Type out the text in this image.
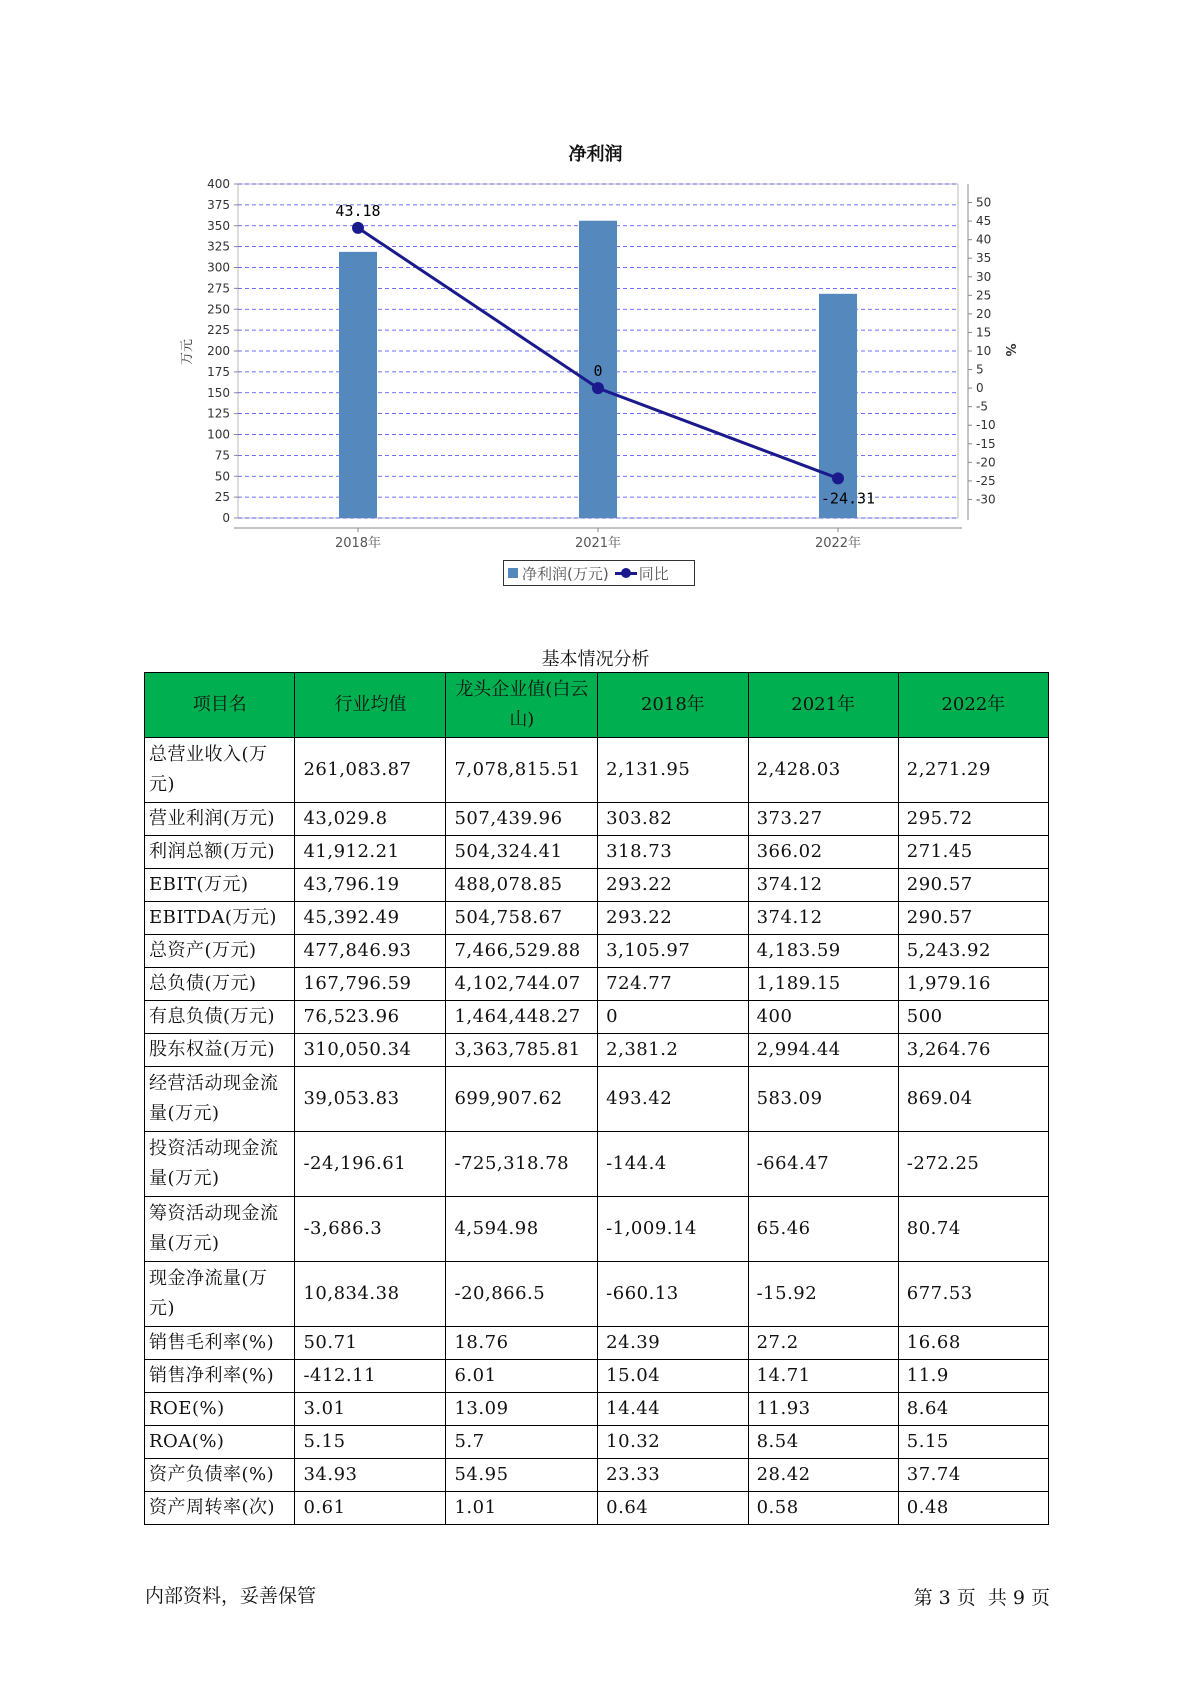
净利润
0
25
50
75
100
125
150
175
200
225
250
275
300
325
350
375
400
50
45
40
35
30
25
20
15
10
5
0
-5
-10
-15
-20
-25
-30
2018年	2021年	2022年
万元	%
43.18
0
-24.31
净利润(万元) 同比
基本情况分析
项目名	行业均值	龙头企业值(白云山)	2018年	2021年	2022年
总营业收入(万元)	261,083.87	7,078,815.51	2,131.95	2,428.03	2,271.29
营业利润(万元)	43,029.8	507,439.96	303.82	373.27	295.72
利润总额(万元)	41,912.21	504,324.41	318.73	366.02	271.45
EBIT(万元)	43,796.19	488,078.85	293.22	374.12	290.57
EBITDA(万元)	45,392.49	504,758.67	293.22	374.12	290.57
总资产(万元)	477,846.93	7,466,529.88	3,105.97	4,183.59	5,243.92
总负债(万元)	167,796.59	4,102,744.07	724.77	1,189.15	1,979.16
有息负债(万元)	76,523.96	1,464,448.27	0	400	500
股东权益(万元)	310,050.34	3,363,785.81	2,381.2	2,994.44	3,264.76
经营活动现金流量(万元)	39,053.83	699,907.62	493.42	583.09	869.04
投资活动现金流量(万元)	-24,196.61	-725,318.78	-144.4	-664.47	-272.25
筹资活动现金流量(万元)	-3,686.3	4,594.98	-1,009.14	65.46	80.74
现金净流量(万元)	10,834.38	-20,866.5	-660.13	-15.92	677.53
销售毛利率(%)	50.71	18.76	24.39	27.2	16.68
销售净利率(%)	-412.11	6.01	15.04	14.71	11.9
ROE(%)	3.01	13.09	14.44	11.93	8.64
ROA(%)	5.15	5.7	10.32	8.54	5.15
资产负债率(%)	34.93	54.95	23.33	28.42	37.74
资产周转率(次)	0.61	1.01	0.64	0.58	0.48
内部资料，妥善保管	第 3 页  共 9 页
